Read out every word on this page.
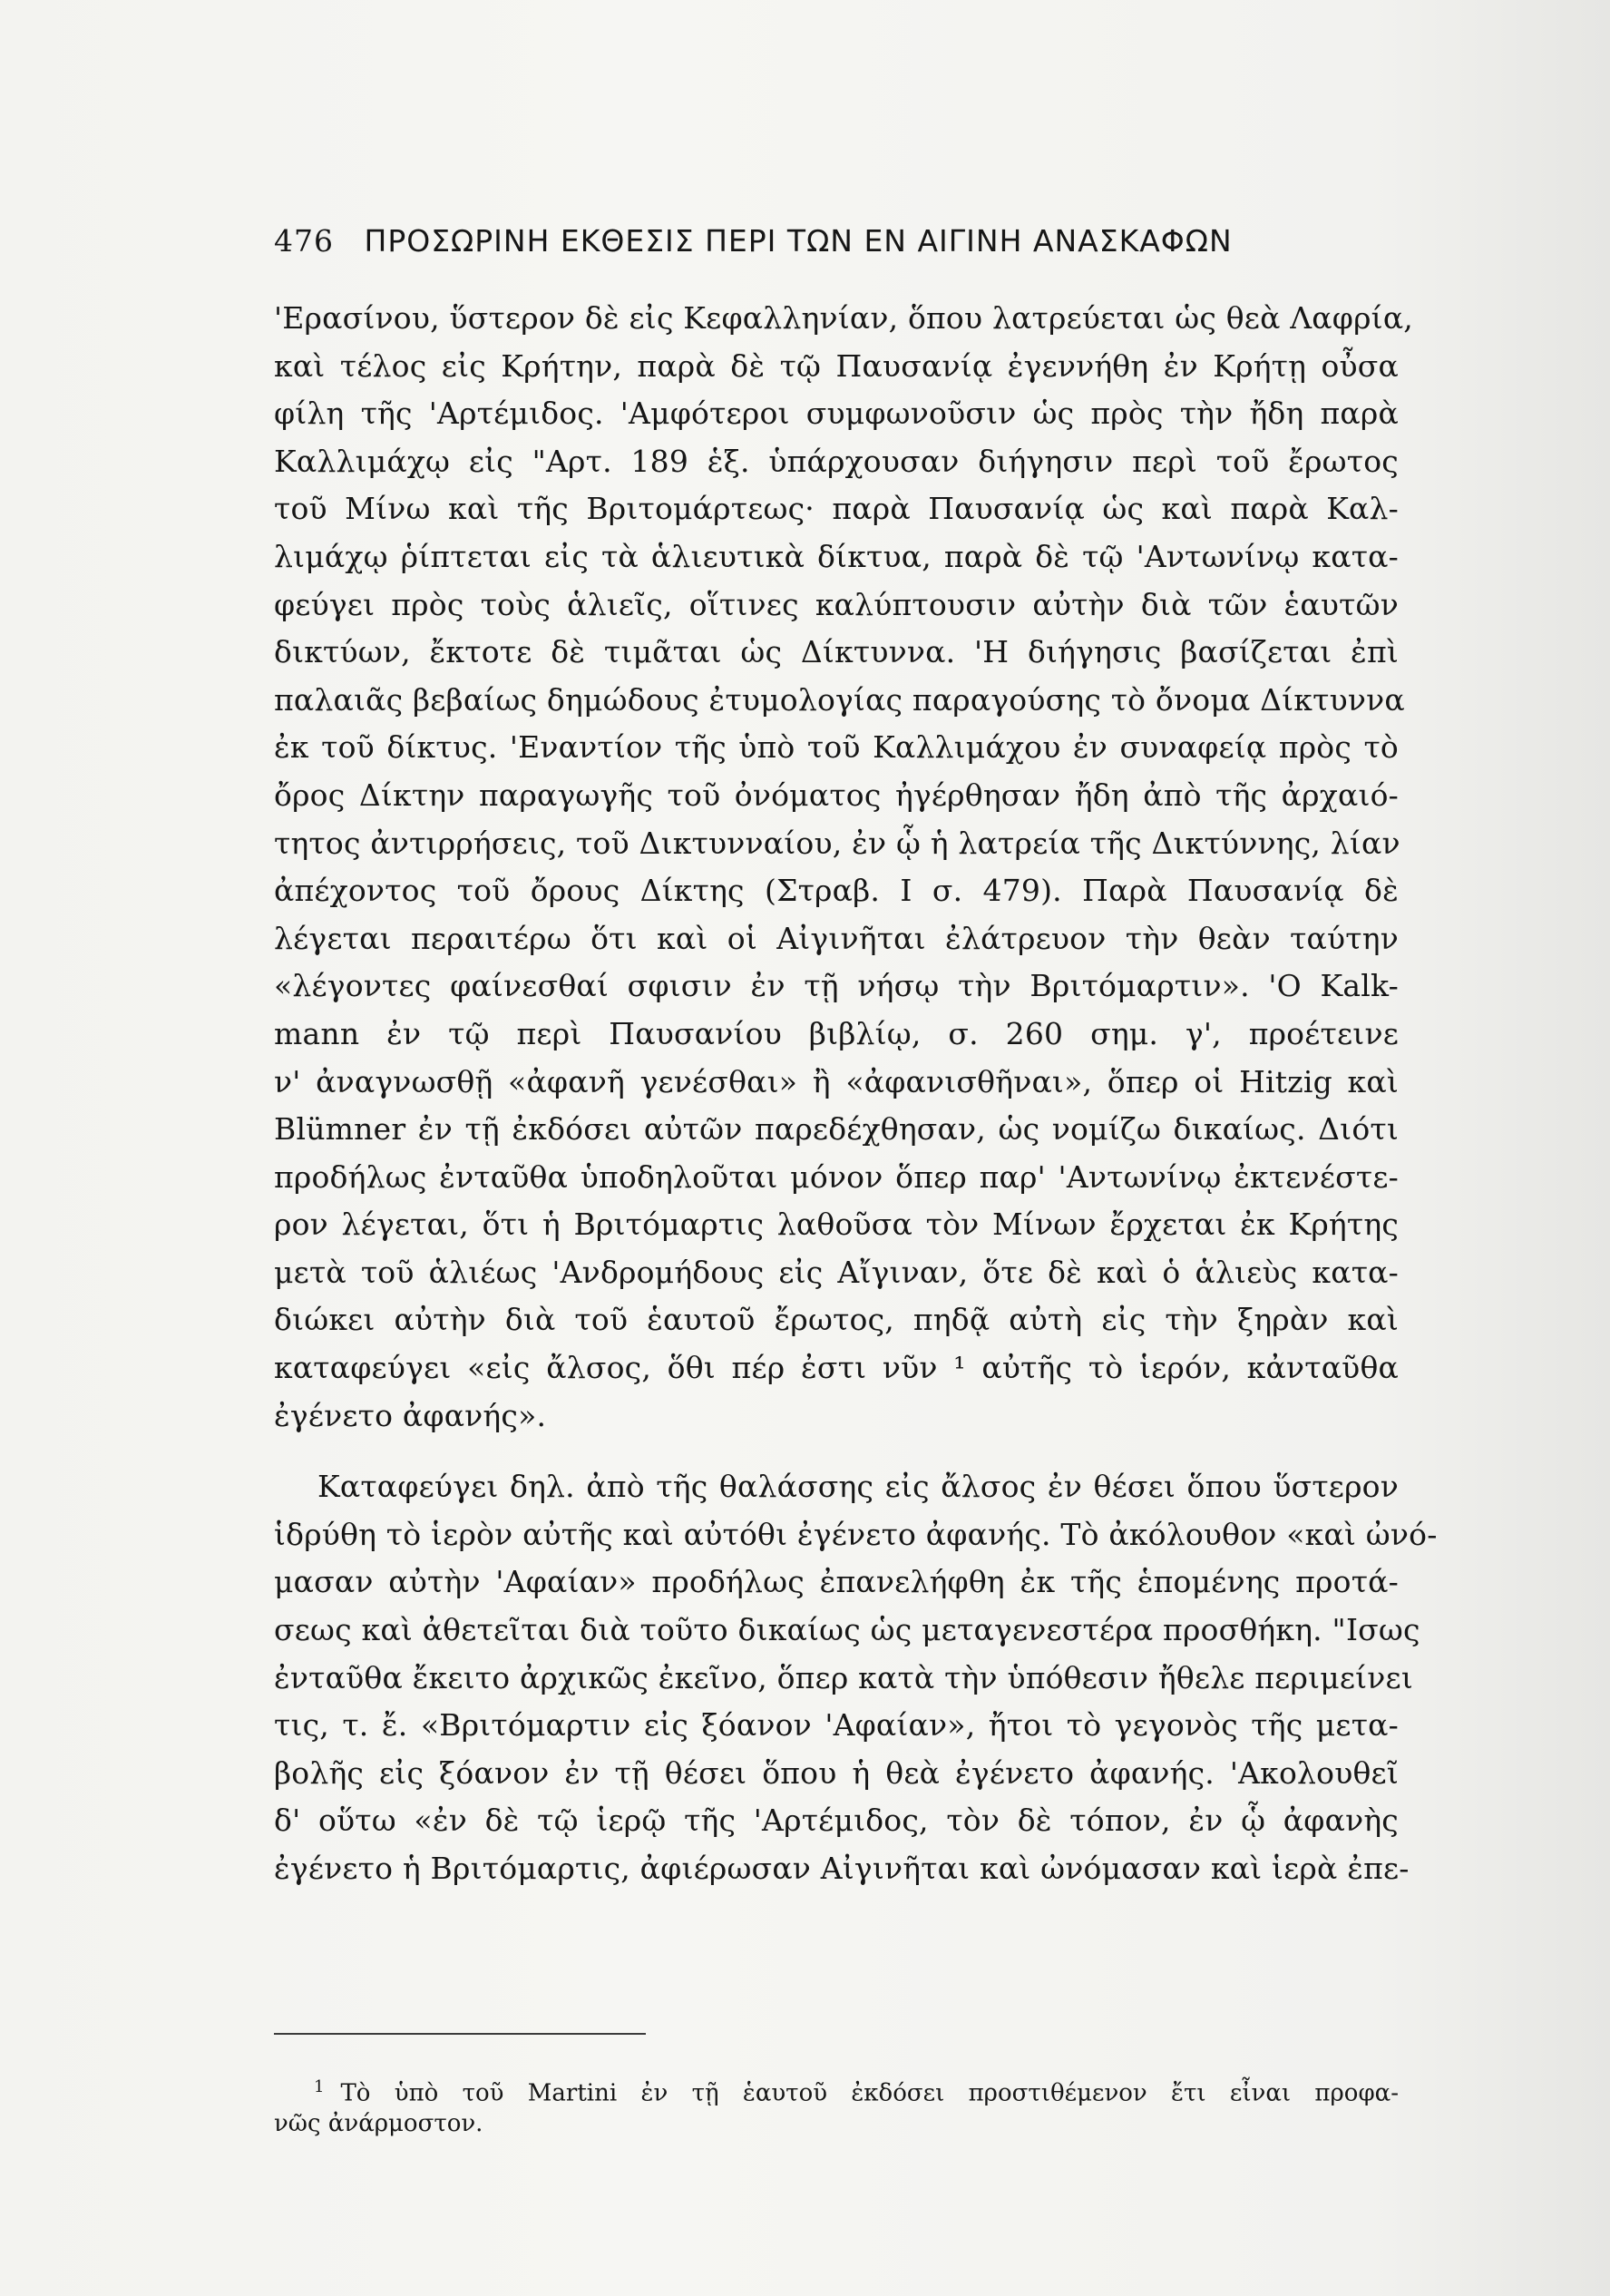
476 ΠΡΟΣΩΡΙΝΗ ΕΚΘΕΣΙΣ ΠΕΡΙ ΤΩΝ ΕΝ ΑΙΓΙΝΗ ΑΝΑΣΚΑΦΩΝ
'Ερασίνου, ὕστερον δὲ εἰς Κεφαλληνίαν, ὅπου λατρεύεται ὡς θεὰ Λαφρία,
καὶ τέλος εἰς Κρήτην, παρὰ δὲ τῷ Παυσανίᾳ ἐγεννήθη ἐν Κρήτῃ οὖσα
φίλη τῆς 'Αρτέμιδος. 'Αμφότεροι συμφωνοῦσιν ὡς πρὸς τὴν ἤδη παρὰ
Καλλιμάχῳ εἰς "Αρτ. 189 ἑξ. ὑπάρχουσαν διήγησιν περὶ τοῦ ἔρωτος
τοῦ Μίνω καὶ τῆς Βριτομάρτεως· παρὰ Παυσανίᾳ ὡς καὶ παρὰ Καλ-
λιμάχῳ ῥίπτεται εἰς τὰ ἁλιευτικὰ δίκτυα, παρὰ δὲ τῷ 'Αντωνίνῳ κατα-
φεύγει πρὸς τοὺς ἁλιεῖς, οἵτινες καλύπτουσιν αὐτὴν διὰ τῶν ἑαυτῶν
δικτύων, ἔκτοτε δὲ τιμᾶται ὡς Δίκτυννα. 'Η διήγησις βασίζεται ἐπὶ
παλαιᾶς βεβαίως δημώδους ἐτυμολογίας παραγούσης τὸ ὄνομα Δίκτυννα
ἐκ τοῦ δίκτυς. 'Εναντίον τῆς ὑπὸ τοῦ Καλλιμάχου ἐν συναφείᾳ πρὸς τὸ
ὄρος Δίκτην παραγωγῆς τοῦ ὀνόματος ἠγέρθησαν ἤδη ἀπὸ τῆς ἀρχαιό-
τητος ἀντιρρήσεις, τοῦ Δικτυνναίου, ἐν ᾧ ἡ λατρεία τῆς Δικτύννης, λίαν
ἀπέχοντος τοῦ ὄρους Δίκτης (Στραβ. Ι σ. 479). Παρὰ Παυσανίᾳ δὲ
λέγεται περαιτέρω ὅτι καὶ οἱ Αἰγινῆται ἐλάτρευον τὴν θεὰν ταύτην
«λέγοντες φαίνεσθαί σφισιν ἐν τῇ νήσῳ τὴν Βριτόμαρτιν». 'Ο Kalk-
mann ἐν τῷ περὶ Παυσανίου βιβλίῳ, σ. 260 σημ. γ', προέτεινε
ν' ἀναγνωσθῇ «ἀφανῆ γενέσθαι» ἢ «ἀφανισθῆναι», ὅπερ οἱ Hitzig καὶ
Blümner ἐν τῇ ἐκδόσει αὐτῶν παρεδέχθησαν, ὡς νομίζω δικαίως. Διότι
προδήλως ἐνταῦθα ὑποδηλοῦται μόνον ὅπερ παρ' 'Αντωνίνῳ ἐκτενέστε-
ρον λέγεται, ὅτι ἡ Βριτόμαρτις λαθοῦσα τὸν Μίνων ἔρχεται ἐκ Κρήτης
μετὰ τοῦ ἁλιέως 'Ανδρομήδους εἰς Αἴγιναν, ὅτε δὲ καὶ ὁ ἁλιεὺς κατα-
διώκει αὐτὴν διὰ τοῦ ἑαυτοῦ ἔρωτος, πηδᾷ αὐτὴ εἰς τὴν ξηρὰν καὶ
καταφεύγει «εἰς ἄλσος, ὅθι πέρ ἐστι νῦν ¹ αὐτῆς τὸ ἱερόν, κἀνταῦθα
ἐγένετο ἀφανής».
Καταφεύγει δηλ. ἀπὸ τῆς θαλάσσης εἰς ἄλσος ἐν θέσει ὅπου ὕστερον
ἱδρύθη τὸ ἱερὸν αὐτῆς καὶ αὐτόθι ἐγένετο ἀφανής. Τὸ ἀκόλουθον «καὶ ὠνό-
μασαν αὐτὴν 'Αφαίαν» προδήλως ἐπανελήφθη ἐκ τῆς ἑπομένης προτά-
σεως καὶ ἀθετεῖται διὰ τοῦτο δικαίως ὡς μεταγενεστέρα προσθήκη. "Ισως
ἐνταῦθα ἔκειτο ἀρχικῶς ἐκεῖνο, ὅπερ κατὰ τὴν ὑπόθεσιν ἤθελε περιμείνει
τις, τ. ἔ. «Βριτόμαρτιν εἰς ξόανον 'Αφαίαν», ἤτοι τὸ γεγονὸς τῆς μετα-
βολῆς εἰς ξόανον ἐν τῇ θέσει ὅπου ἡ θεὰ ἐγένετο ἀφανής. 'Ακολουθεῖ
δ' οὕτω «ἐν δὲ τῷ ἱερῷ τῆς 'Αρτέμιδος, τὸν δὲ τόπον, ἐν ᾧ ἀφανὴς
ἐγένετο ἡ Βριτόμαρτις, ἀφιέρωσαν Αἰγινῆται καὶ ὠνόμασαν καὶ ἱερὰ ἐπε-
$^1$ Τὸ ὑπὸ τοῦ Martini ἐν τῇ ἑαυτοῦ ἐκδόσει προστιθέμενον ἔτι εἶναι προφα-
νῶς ἀνάρμοστον.
